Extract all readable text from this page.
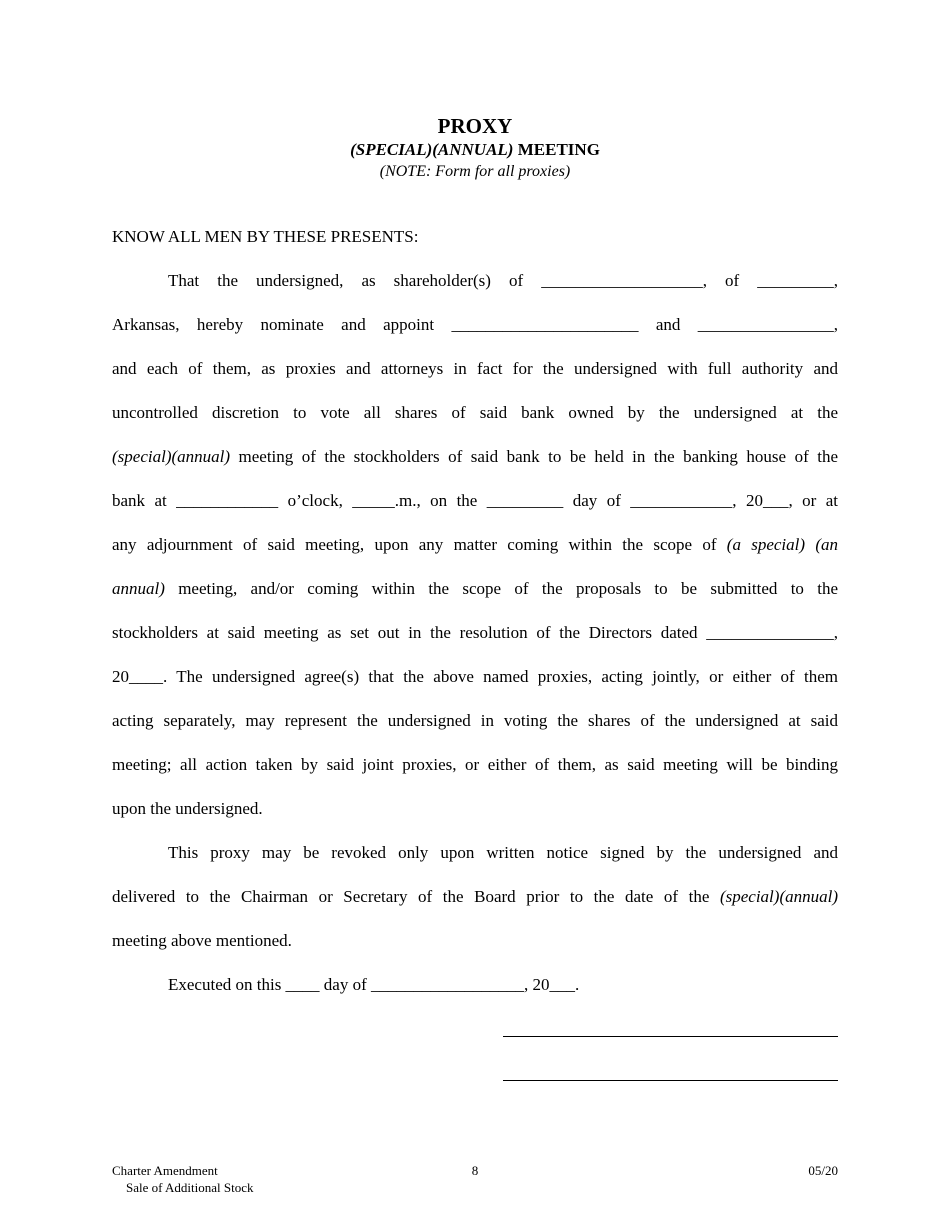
PROXY
(SPECIAL)(ANNUAL) MEETING
(NOTE: Form for all proxies)
KNOW ALL MEN BY THESE PRESENTS:
That the undersigned, as shareholder(s) of ___________________, of _________,
Arkansas, hereby nominate and appoint ______________________ and ________________,
and each of them, as proxies and attorneys in fact for the undersigned with full authority and
uncontrolled discretion to vote all shares of said bank owned by the undersigned at the
(special)(annual) meeting of the stockholders of said bank to be held in the banking house of the
bank at ____________ o’clock, _____.m., on the _________ day of ____________, 20___, or at
any adjournment of said meeting, upon any matter coming within the scope of (a special) (an
annual) meeting, and/or coming within the scope of the proposals to be submitted to the
stockholders at said meeting as set out in the resolution of the Directors dated _______________,
20____. The undersigned agree(s) that the above named proxies, acting jointly, or either of them
acting separately, may represent the undersigned in voting the shares of the undersigned at said
meeting; all action taken by said joint proxies, or either of them, as said meeting will be binding
upon the undersigned.
This proxy may be revoked only upon written notice signed by the undersigned and
delivered to the Chairman or Secretary of the Board prior to the date of the (special)(annual)
meeting above mentioned.
Executed on this ____ day of __________________, 20___.
Charter Amendment
Sale of Additional Stock
8	05/20
